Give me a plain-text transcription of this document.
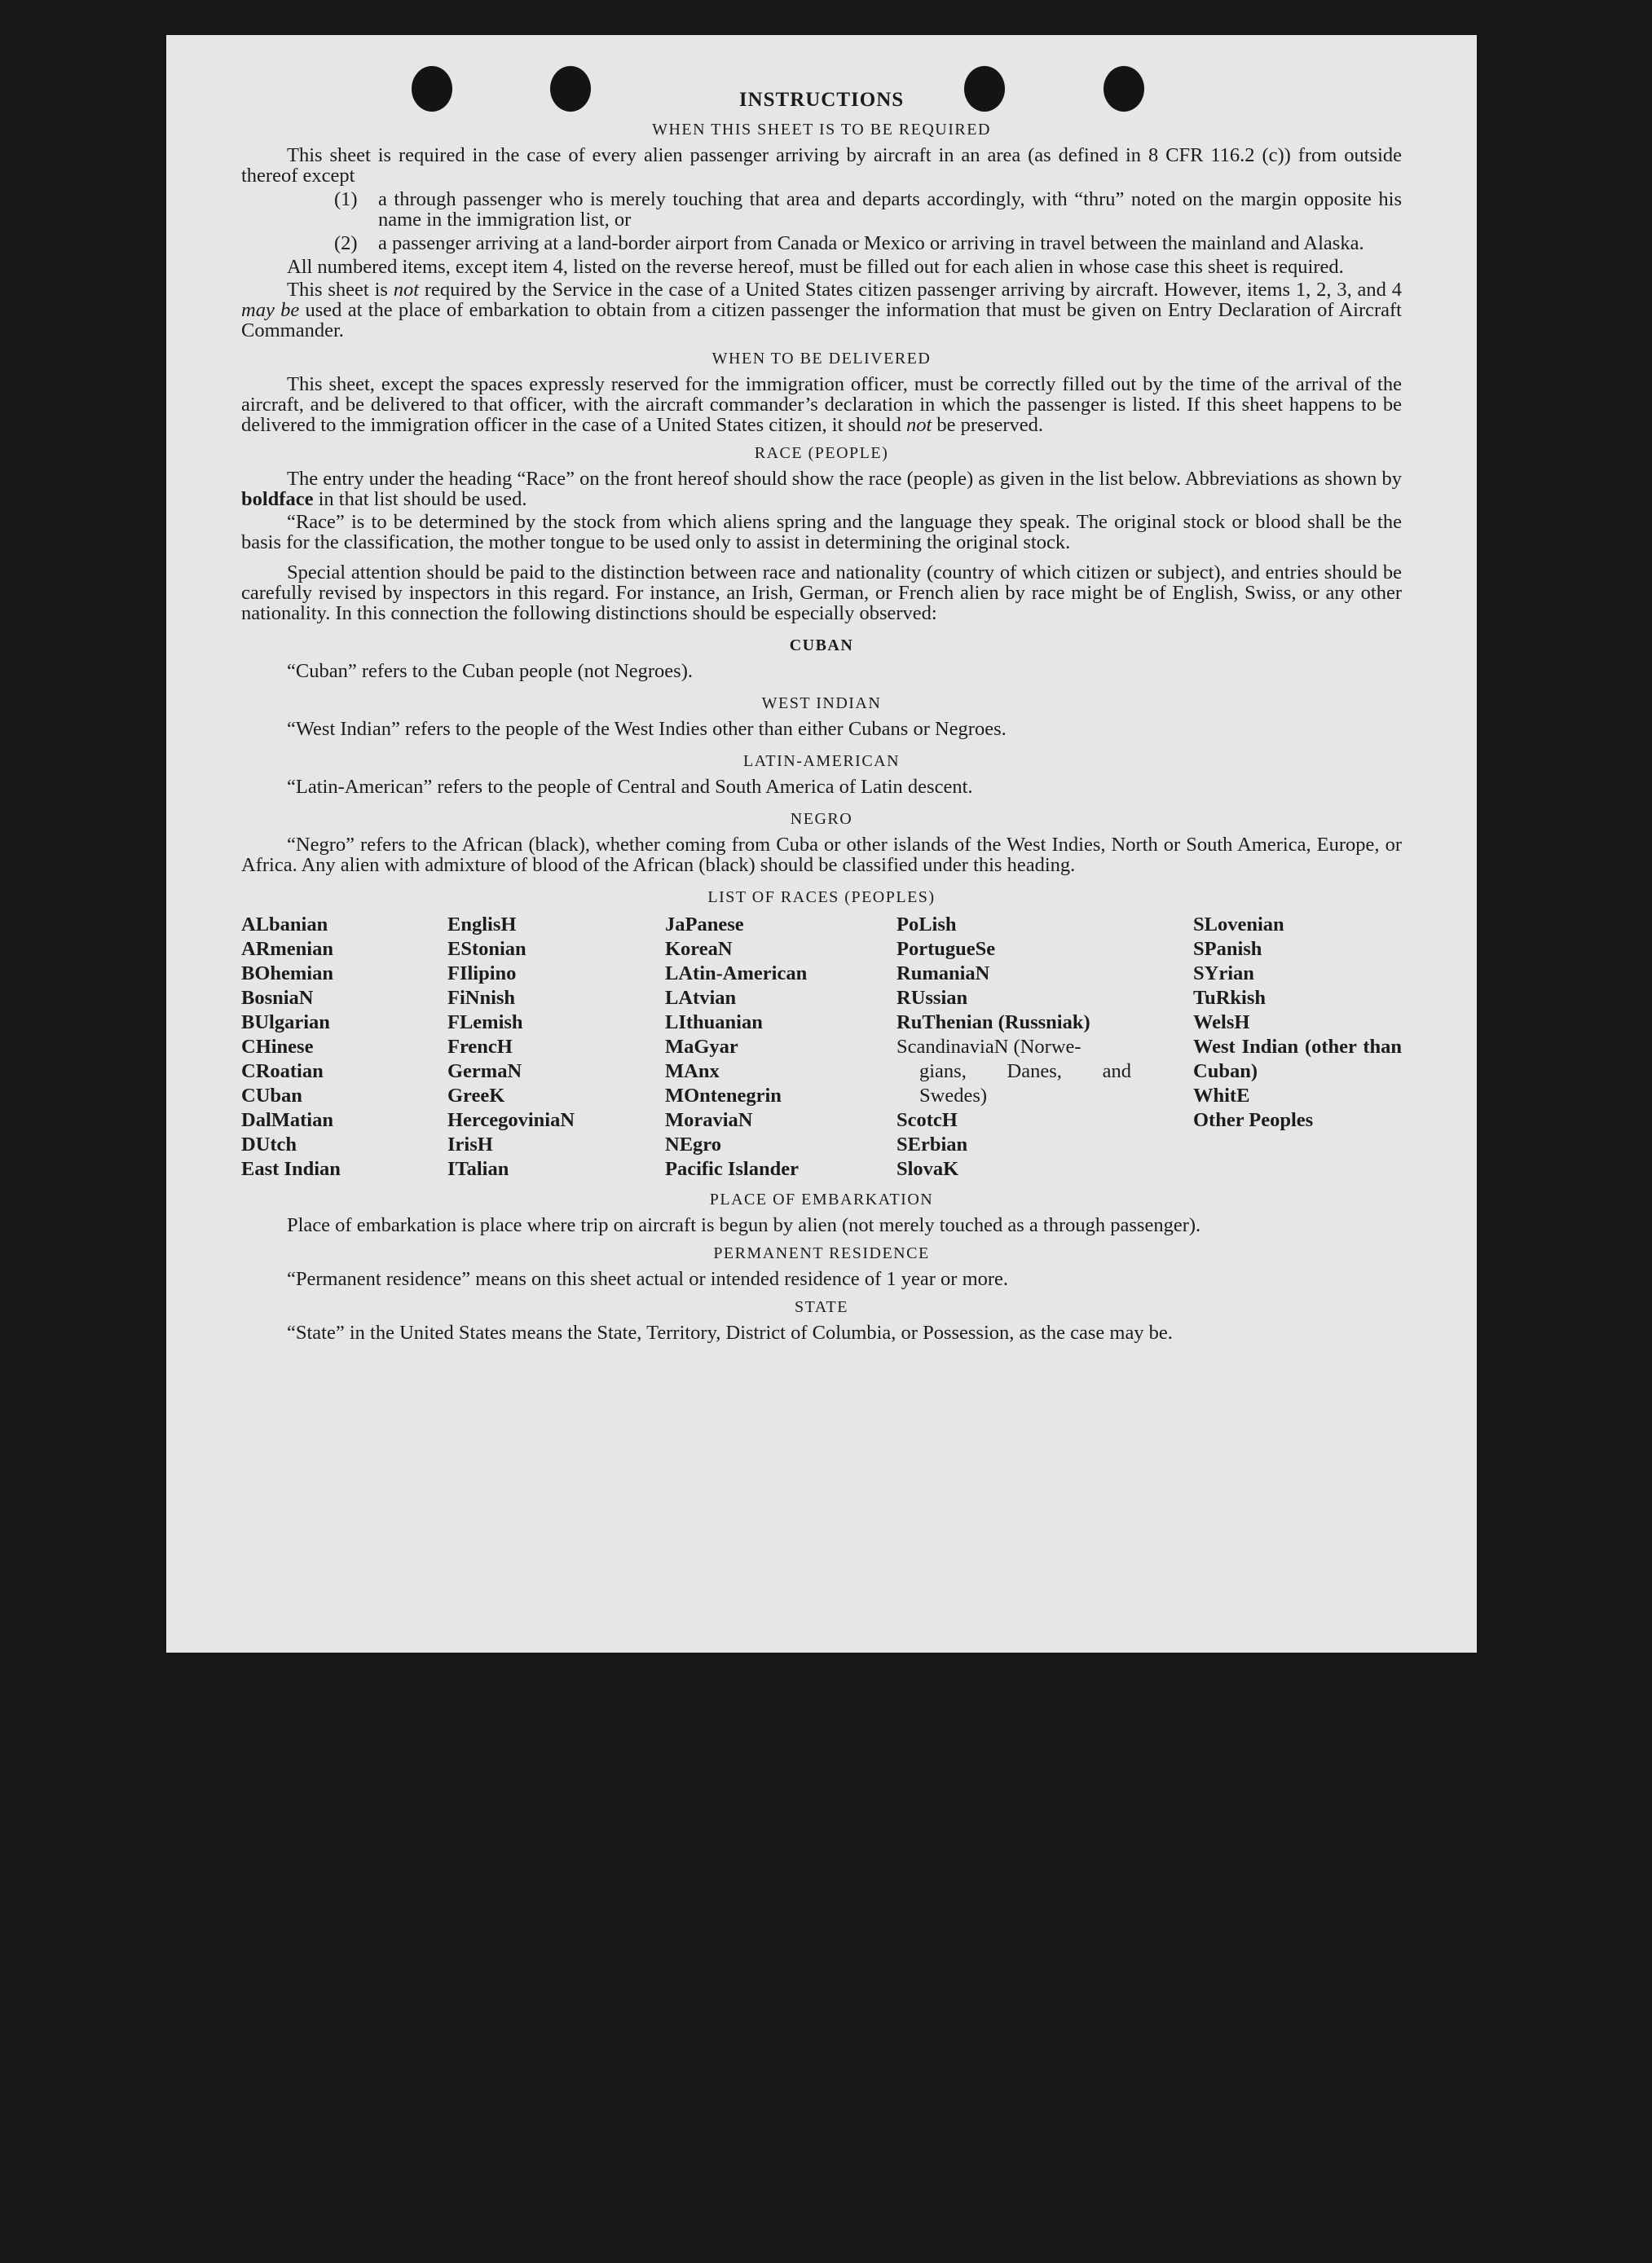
INSTRUCTIONS
WHEN THIS SHEET IS TO BE REQUIRED

This sheet is required in the case of every alien passenger arriving by aircraft in an area (as defined in 8 CFR 116.2 (c)) from outside thereof except

(1)	a through passenger who is merely touching that area and departs accordingly, with “thru” noted on the margin opposite his name in the immigration list, or
(2)	a passenger arriving at a land-border airport from Canada or Mexico or arriving in travel between the mainland and Alaska.

All numbered items, except item 4, listed on the reverse hereof, must be filled out for each alien in whose case this sheet is required.

This sheet is not required by the Service in the case of a United States citizen passenger arriving by aircraft. However, items 1, 2, 3, and 4 may be used at the place of embarkation to obtain from a citizen passenger the information that must be given on Entry Declaration of Aircraft Commander.

WHEN TO BE DELIVERED

This sheet, except the spaces expressly reserved for the immigration officer, must be correctly filled out by the time of the arrival of the aircraft, and be delivered to that officer, with the aircraft commander’s declaration in which the passenger is listed. If this sheet happens to be delivered to the immigration officer in the case of a United States citizen, it should not be preserved.

RACE (PEOPLE)

The entry under the heading “Race” on the front hereof should show the race (people) as given in the list below. Abbreviations as shown by boldface in that list should be used.

“Race” is to be determined by the stock from which aliens spring and the language they speak. The original stock or blood shall be the basis for the classification, the mother tongue to be used only to assist in determining the original stock.

Special attention should be paid to the distinction between race and nationality (country of which citizen or subject), and entries should be carefully revised by inspectors in this regard. For instance, an Irish, German, or French alien by race might be of English, Swiss, or any other nationality. In this connection the following distinctions should be especially observed:

CUBAN

“Cuban” refers to the Cuban people (not Negroes).

WEST INDIAN

“West Indian” refers to the people of the West Indies other than either Cubans or Negroes.

LATIN-AMERICAN

“Latin-American” refers to the people of Central and South America of Latin descent.

NEGRO

“Negro” refers to the African (black), whether coming from Cuba or other islands of the West Indies, North or South America, Europe, or Africa. Any alien with admixture of blood of the African (black) should be classified under this heading.

LIST OF RACES (PEOPLES)
ALbanian
ARmenian
BOhemian
BosniaN
BUlgarian
CHinese
CRoatian
CUban
DalMatian
DUtch
East Indian
EnglisH
EStonian
FIlipino
FiNnish
FLemish
FrencH
GermaN
GreeK
HercegoviniaN
IrisH
ITalian
JaPanese
KoreaN
LAtin-American
LAtvian
LIthuanian
MaGyar
MAnx
MOntenegrin
MoraviaN
NEgro
Pacific Islander
PoLish
PortugueSe
RumaniaN
RUssian
RuThenian (Russniak)
ScandinaviaN (Norwe-
gians, Danes, and Swedes)
ScotcH
SErbian
SlovaK
SLovenian
SPanish
SYrian
TuRkish
WelsH
West Indian (other than Cuban)
WhitE
Other Peoples
PLACE OF EMBARKATION

Place of embarkation is place where trip on aircraft is begun by alien (not merely touched as a through passenger).

PERMANENT RESIDENCE

“Permanent residence” means on this sheet actual or intended residence of 1 year or more.

STATE

“State” in the United States means the State, Territory, District of Columbia, or Possession, as the case may be.
